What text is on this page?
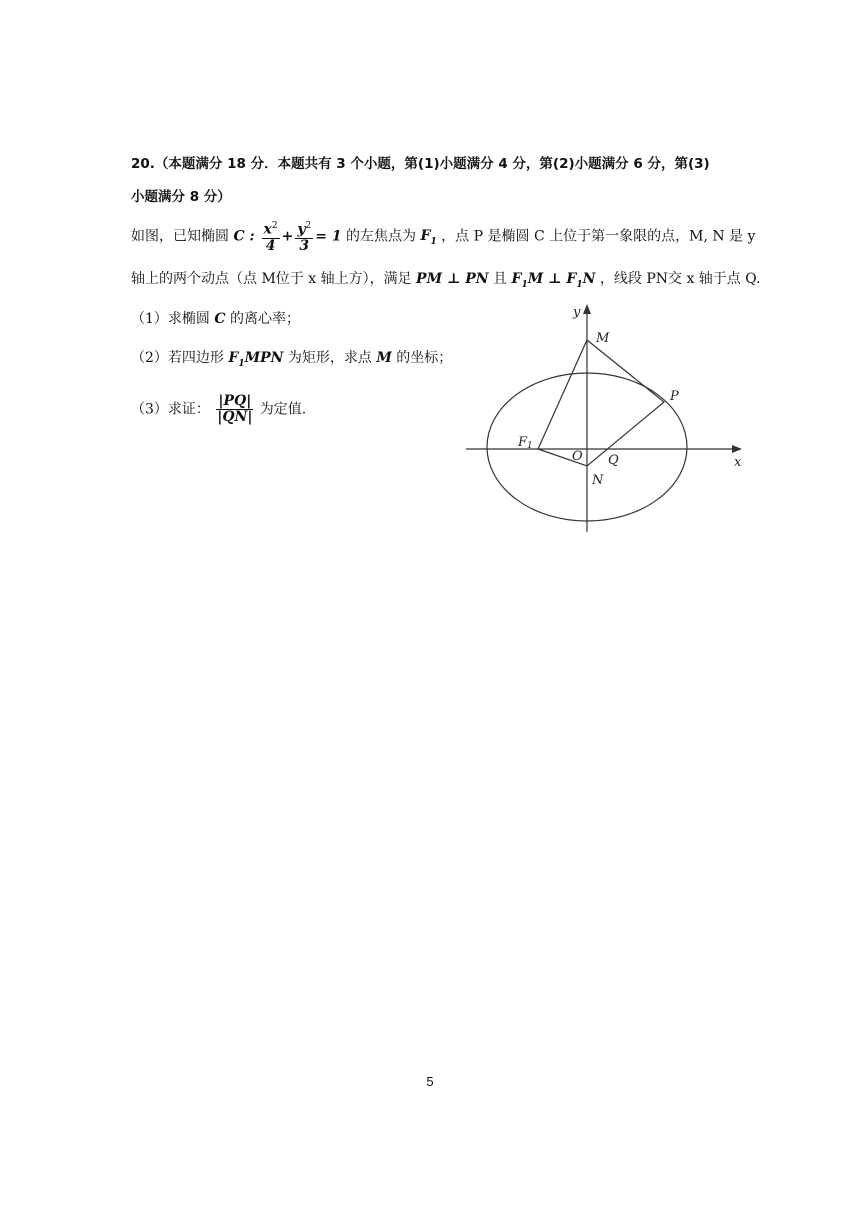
20.（本题满分 18 分．本题共有 3 个小题，第(1)小题满分 4 分，第(2)小题满分 6 分，第(3)
小题满分 8 分）
如图，已知椭圆 C : $\frac{x^2}{4} + \frac{y^2}{3} = 1$ 的左焦点为 $F_1$ ，点 P 是椭圆 C 上位于第一象限的点，M, N 是 y
轴上的两个动点（点 M位于 x 轴上方），满足 PM ⊥ PN 且 $F_1M$ ⊥ $F_1N$ ，线段 PN交 x 轴于点 Q.
（1）求椭圆 C 的离心率；
（2）若四边形 $F_1MPN$ 为矩形，求点 M 的坐标；
（3）求证： $\frac{|PQ|}{|QN|}$ 为定值.
y
x
M
P
F1
O Q
N
5
